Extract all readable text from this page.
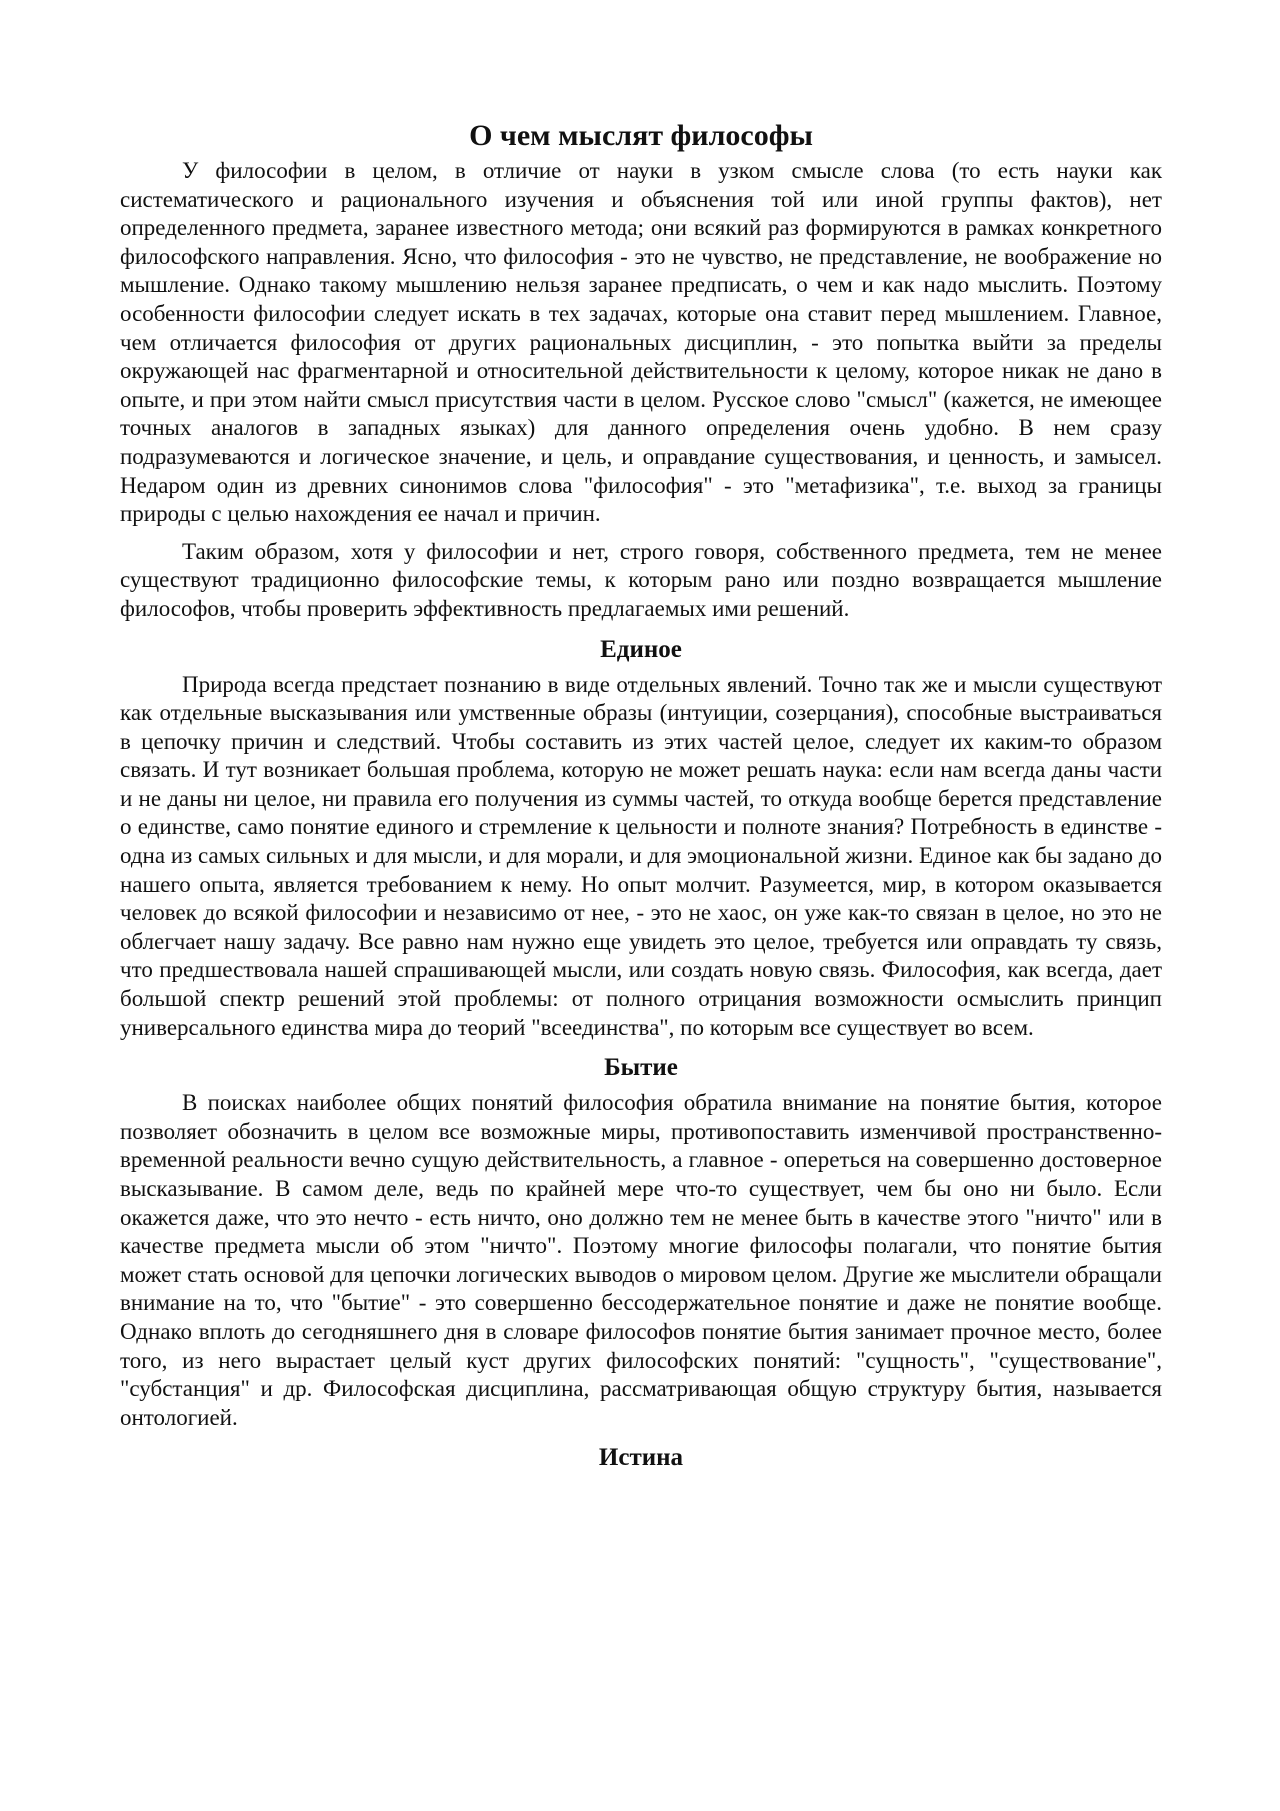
О чем мыслят философы

У философии в целом, в отличие от науки в узком смысле слова (то есть науки как систематического и рационального изучения и объяснения той или иной группы фактов), нет определенного предмета, заранее известного метода; они всякий раз формируются в рамках конкретного философского направления. Ясно, что философия - это не чувство, не представление, не воображение но мышление. Однако такому мышлению нельзя заранее предписать, о чем и как надо мыслить. Поэтому особенности философии следует искать в тех задачах, которые она ставит перед мышлением. Главное, чем отличается философия от других рациональных дисциплин, - это попытка выйти за пределы окружающей нас фрагментарной и относительной действительности к целому, которое никак не дано в опыте, и при этом найти смысл присутствия части в целом. Русское слово "смысл" (кажется, не имеющее точных аналогов в западных языках) для данного определения очень удобно. В нем сразу подразумеваются и логическое значение, и цель, и оправдание существования, и ценность, и замысел. Недаром один из древних синонимов слова "философия" - это "метафизика", т.е. выход за границы природы с целью нахождения ее начал и причин.

Таким образом, хотя у философии и нет, строго говоря, собственного предмета, тем не менее существуют традиционно философские темы, к которым рано или поздно возвращается мышление философов, чтобы проверить эффективность предлагаемых ими решений.

Единое

Природа всегда предстает познанию в виде отдельных явлений. Точно так же и мысли существуют как отдельные высказывания или умственные образы (интуиции, созерцания), способные выстраиваться в цепочку причин и следствий. Чтобы составить из этих частей целое, следует их каким-то образом связать. И тут возникает большая проблема, которую не может решать наука: если нам всегда даны части и не даны ни целое, ни правила его получения из суммы частей, то откуда вообще берется представление о единстве, само понятие единого и стремление к цельности и полноте знания? Потребность в единстве - одна из самых сильных и для мысли, и для морали, и для эмоциональной жизни. Единое как бы задано до нашего опыта, является требованием к нему. Но опыт молчит. Разумеется, мир, в котором оказывается человек до всякой философии и независимо от нее, - это не хаос, он уже как-то связан в целое, но это не облегчает нашу задачу. Все равно нам нужно еще увидеть это целое, требуется или оправдать ту связь, что предшествовала нашей спрашивающей мысли, или создать новую связь. Философия, как всегда, дает большой спектр решений этой проблемы: от полного отрицания возможности осмыслить принцип универсального единства мира до теорий "всеединства", по которым все существует во всем.

Бытие

В поисках наиболее общих понятий философия обратила внимание на понятие бытия, которое позволяет обозначить в целом все возможные миры, противопоставить изменчивой пространственно-временной реальности вечно сущую действительность, а главное - опереться на совершенно достоверное высказывание. В самом деле, ведь по крайней мере что-то существует, чем бы оно ни было. Если окажется даже, что это нечто - есть ничто, оно должно тем не менее быть в качестве этого "ничто" или в качестве предмета мысли об этом "ничто". Поэтому многие философы полагали, что понятие бытия может стать основой для цепочки логических выводов о мировом целом. Другие же мыслители обращали внимание на то, что "бытие" - это совершенно бессодержательное понятие и даже не понятие вообще. Однако вплоть до сегодняшнего дня в словаре философов понятие бытия занимает прочное место, более того, из него вырастает целый куст других философских понятий: "сущность", "существование", "субстанция" и др. Философская дисциплина, рассматривающая общую структуру бытия, называется онтологией.

Истина
